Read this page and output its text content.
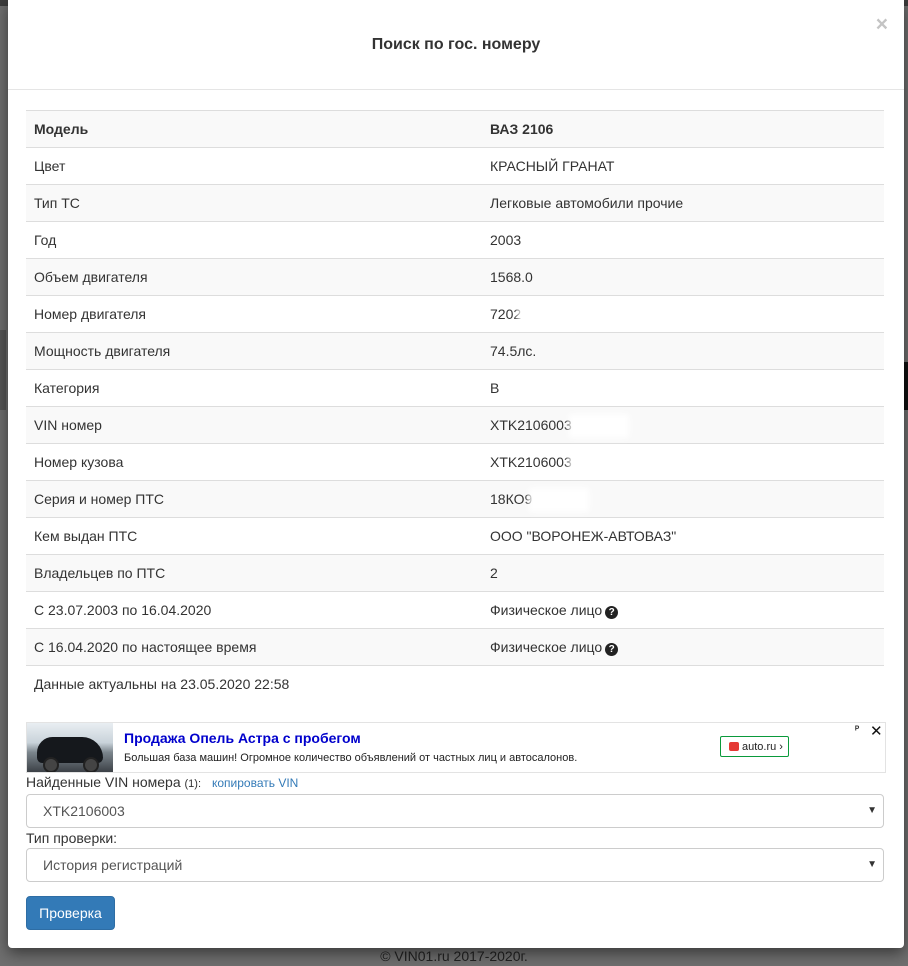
© VIN01.ru 2017-2020г.
Поиск по гос. номеру
×
Модель	ВАЗ 2106
Цвет	КРАСНЫЙ ГРАНАТ
Тип ТС	Легковые автомобили прочие
Год	2003
Объем двигателя	1568.0
Номер двигателя	7202
Мощность двигателя	74.5лс.
Категория	B
VIN номер	XTK2106003
Номер кузова	XTK2106003
Серия и номер ПТС	18КО9
Кем выдан ПТС	ООО "ВОРОНЕЖ-АВТОВАЗ"
Владельцев по ПТС	2
С 23.07.2003 по 16.04.2020	Физическое лицо ?
С 16.04.2020 по настоящее время	Физическое лицо ?
Данные актуальны на 23.05.2020 22:58	
Продажа Опель Астра с пробегом
Большая база машин! Огромное количество объявлений от частных лиц и автосалонов.
auto.ru ›
ᴾ ✕
Найденные VIN номера (1): копировать VIN
XTK2106003	▼
Тип проверки:
История регистраций	▼
Проверка
